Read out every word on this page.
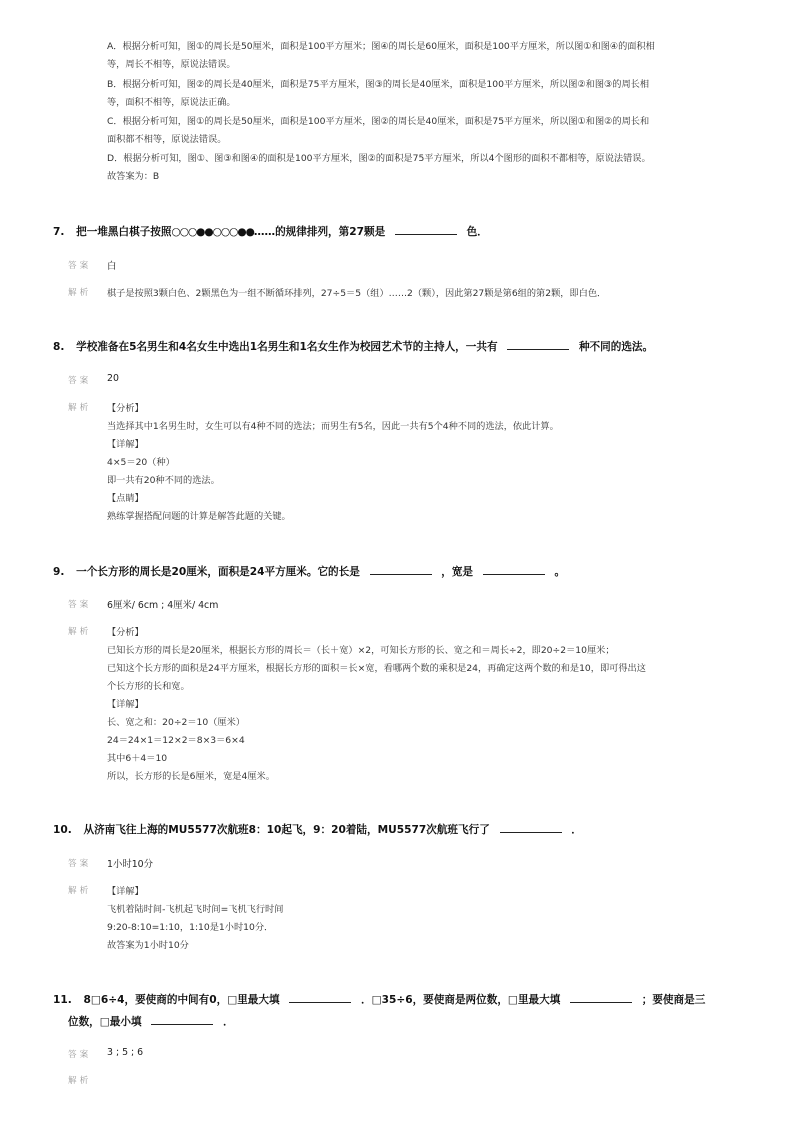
A．根据分析可知，图①的周长是50厘米，面积是100平方厘米；图④的周长是60厘米，面积是100平方厘米，所以图①和图④的面积相
等，周长不相等，原说法错误。
B．根据分析可知，图②的周长是40厘米，面积是75平方厘米，图③的周长是40厘米，面积是100平方厘米，所以图②和图③的周长相
等，面积不相等，原说法正确。
C．根据分析可知，图①的周长是50厘米，面积是100平方厘米，图②的周长是40厘米，面积是75平方厘米，所以图①和图②的周长和
面积都不相等，原说法错误。
D．根据分析可知，图①、图③和图④的面积是100平方厘米，图②的面积是75平方厘米，所以4个图形的面积不都相等，原说法错误。
故答案为：B
7. 把一堆黑白棋子按照○○○●●○○○●●……的规律排列，第27颗是	色．
答案 白
解析 棋子是按照3颗白色、2颗黑色为一组不断循环排列，27÷5＝5（组）……2（颗），因此第27颗是第6组的第2颗，即白色．
8. 学校准备在5名男生和4名女生中选出1名男生和1名女生作为校园艺术节的主持人，一共有	种不同的选法。
答案 20
解析 【分析】
当选择其中1名男生时，女生可以有4种不同的选法；而男生有5名，因此一共有5个4种不同的选法，依此计算。
【详解】
4×5＝20（种）
即一共有20种不同的选法。
【点睛】
熟练掌握搭配问题的计算是解答此题的关键。
9. 一个长方形的周长是20厘米，面积是24平方厘米。它的长是	，宽是	。
答案 6厘米/ 6cm ; 4厘米/ 4cm
解析 【分析】
已知长方形的周长是20厘米，根据长方形的周长＝（长＋宽）×2，可知长方形的长、宽之和＝周长÷2，即20÷2＝10厘米；
已知这个长方形的面积是24平方厘米，根据长方形的面积＝长×宽，看哪两个数的乘积是24，再确定这两个数的和是10，即可得出这
个长方形的长和宽。
【详解】
长、宽之和：20÷2＝10（厘米）
24＝24×1＝12×2＝8×3＝6×4
其中6＋4＝10
所以，长方形的长是6厘米，宽是4厘米。
10. 从济南飞往上海的MU5577次航班8：10起飞，9：20着陆，MU5577次航班飞行了	．
答案 1小时10分
解析 【详解】
飞机着陆时间-飞机起飞时间=飞机飞行时间
9:20-8:10=1:10，1:10是1小时10分．
故答案为1小时10分
11. 8□6÷4，要使商的中间有0，□里最大填	．□35÷6，要使商是两位数，□里最大填	；要使商是三
位数，□最小填	．
答案 3 ; 5 ; 6
解析
